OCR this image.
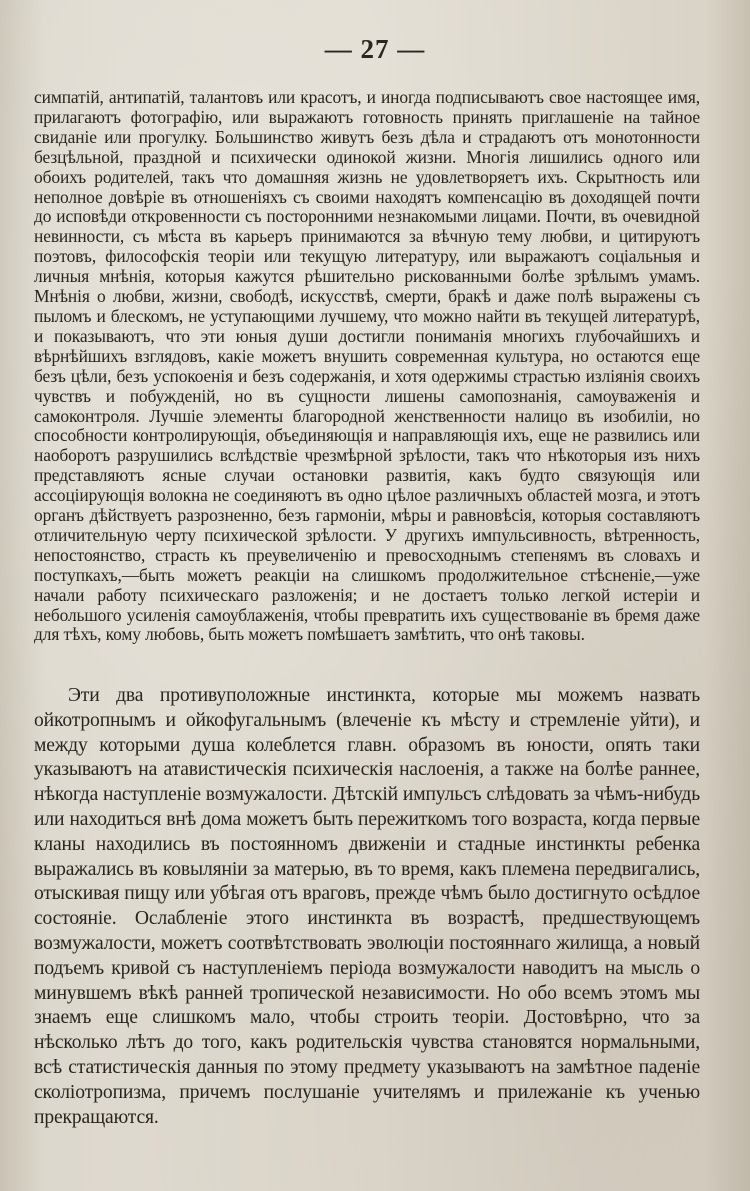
— 27 —

симпатій, антипатій, талантовъ или красотъ, и иногда подписываютъ свое настоящее имя, прилагаютъ фотографію, или выражаютъ готовность принять приглашеніе на тайное свиданіе или прогулку. Большинство живутъ безъ дѣла и страдаютъ отъ монотонности безцѣльной, праздной и психически одинокой жизни. Многія лишились одного или обоихъ родителей, такъ что домашняя жизнь не удовлетворяетъ ихъ. Скрытность или неполное довѣріе въ отношеніяхъ съ своими находятъ компенсацію въ доходящей почти до исповѣди откровенности съ посторонними незнакомыми лицами. Почти, въ очевидной невинности, съ мѣста въ карьеръ принимаются за вѣчную тему любви, и цитируютъ поэтовъ, философскія теоріи или текущую литературу, или выражаютъ соціальныя и личныя мнѣнія, которыя кажутся рѣшительно рискованными болѣе зрѣлымъ умамъ. Мнѣнія о любви, жизни, свободѣ, искусствѣ, смерти, бракѣ и даже полѣ выражены съ пыломъ и блескомъ, не уступающими лучшему, что можно найти въ текущей литературѣ, и показываютъ, что эти юныя души достигли пониманія многихъ глубочайшихъ и вѣрнѣйшихъ взглядовъ, какіе можетъ внушить современная культура, но остаются еще безъ цѣли, безъ успокоенія и безъ содержанія, и хотя одержимы страстью изліянія своихъ чувствъ и побужденій, но въ сущности лишены самопознанія, самоуваженія и самоконтроля. Лучшіе элементы благородной женственности налицо въ изобиліи, но способности контролирующія, объединяющія и направляющія ихъ, еще не развились или наоборотъ разрушились вслѣдствіе чрезмѣрной зрѣлости, такъ что нѣкоторыя изъ нихъ представляютъ ясные случаи остановки развитія, какъ будто связующія или ассоціирующія волокна не соединяютъ въ одно цѣлое различныхъ областей мозга, и этотъ органъ дѣйствуетъ разрозненно, безъ гармоніи, мѣры и равновѣсія, которыя составляютъ отличительную черту психической зрѣлости. У другихъ импульсивность, вѣтренность, непостоянство, страсть къ преувеличенію и превосходнымъ степенямъ въ словахъ и поступкахъ,—быть можетъ реакціи на слишкомъ продолжительное стѣсненіе,—уже начали работу психическаго разложенія; и не достаетъ только легкой истеріи и небольшого усиленія самоублаженія, чтобы превратить ихъ существованіе въ бремя даже для тѣхъ, кому любовь, быть можетъ помѣшаетъ замѣтить, что онѣ таковы.

Эти два противуположные инстинкта, которые мы можемъ назвать ойкотропнымъ и ойкофугальнымъ (влеченіе къ мѣсту и стремленіе уйти), и между которыми душа колеблется главн. образомъ въ юности, опять таки указываютъ на атавистическія психическія наслоенія, а также на болѣе раннее, нѣкогда наступленіе возмужалости. Дѣтскій импульсъ слѣдовать за чѣмъ-нибудь или находиться внѣ дома можетъ быть пережиткомъ того возраста, когда первые кланы находились въ постоянномъ движеніи и стадные инстинкты ребенка выражались въ ковыляніи за матерью, въ то время, какъ племена передвигались, отыскивая пищу или убѣгая отъ враговъ, прежде чѣмъ было достигнуто осѣдлое состояніе. Ослабленіе этого инстинкта въ возрастѣ, предшествующемъ возмужалости, можетъ соотвѣтствовать эволюціи постояннаго жилища, а новый подъемъ кривой съ наступленіемъ періода возмужалости наводитъ на мысль о минувшемъ вѣкѣ ранней тропической независимости. Но обо всемъ этомъ мы знаемъ еще слишкомъ мало, чтобы строить теоріи. Достовѣрно, что за нѣсколько лѣтъ до того, какъ родительскія чувства становятся нормальными, всѣ статистическія данныя по этому предмету указываютъ на замѣтное паденіе сколіотропизма, причемъ послушаніе учителямъ и прилежаніе къ ученью прекращаются.
